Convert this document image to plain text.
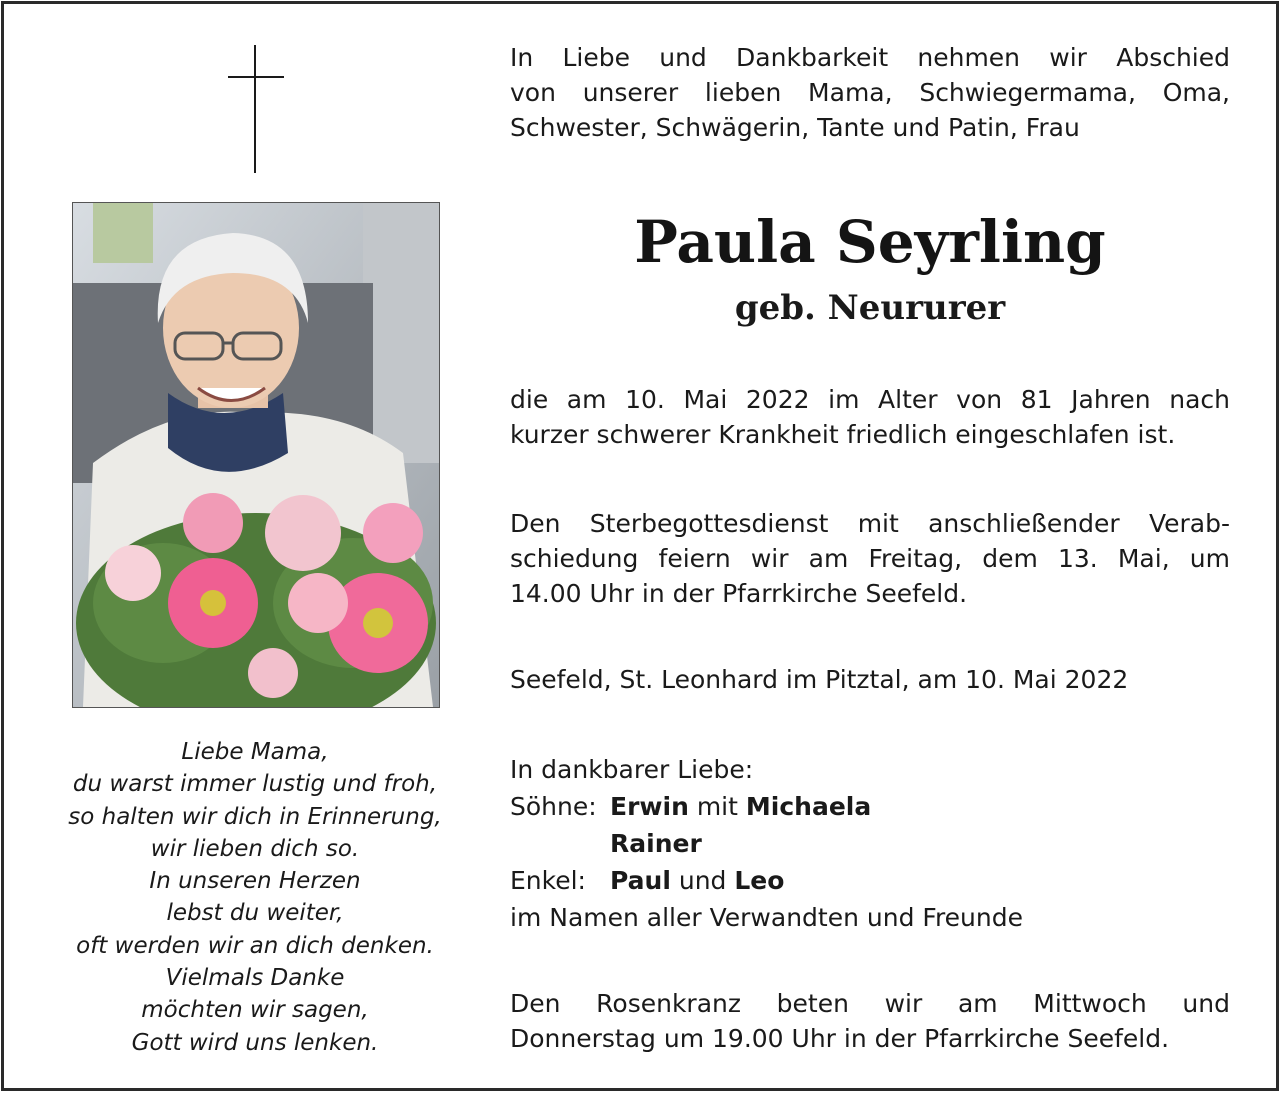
Liebe Mama,
du warst immer lustig und froh,
so halten wir dich in Erinnerung,
wir lieben dich so.
In unseren Herzen
lebst du weiter,
oft werden wir an dich denken.
Vielmals Danke
möchten wir sagen,
Gott wird uns lenken.
In Liebe und Dankbarkeit nehmen wir Abschied
von unserer lieben Mama, Schwiegermama, Oma,
Schwester, Schwägerin, Tante und Patin, Frau
Paula Seyrling
geb. Neururer
die am 10. Mai 2022 im Alter von 81 Jahren nach
kurzer schwerer Krankheit friedlich eingeschlafen ist.
Den Sterbegottesdienst mit anschließender Verab-
schiedung feiern wir am Freitag, dem 13. Mai, um
14.00 Uhr in der Pfarrkirche Seefeld.
Seefeld, St. Leonhard im Pitztal, am 10. Mai 2022
In dankbarer Liebe:
Söhne: Erwin
mit
Michaela
Rainer
Enkel: Paul
und
Leo
im Namen aller Verwandten und Freunde
Den Rosenkranz beten wir am Mittwoch und
Donnerstag um 19.00 Uhr in der Pfarrkirche Seefeld.
